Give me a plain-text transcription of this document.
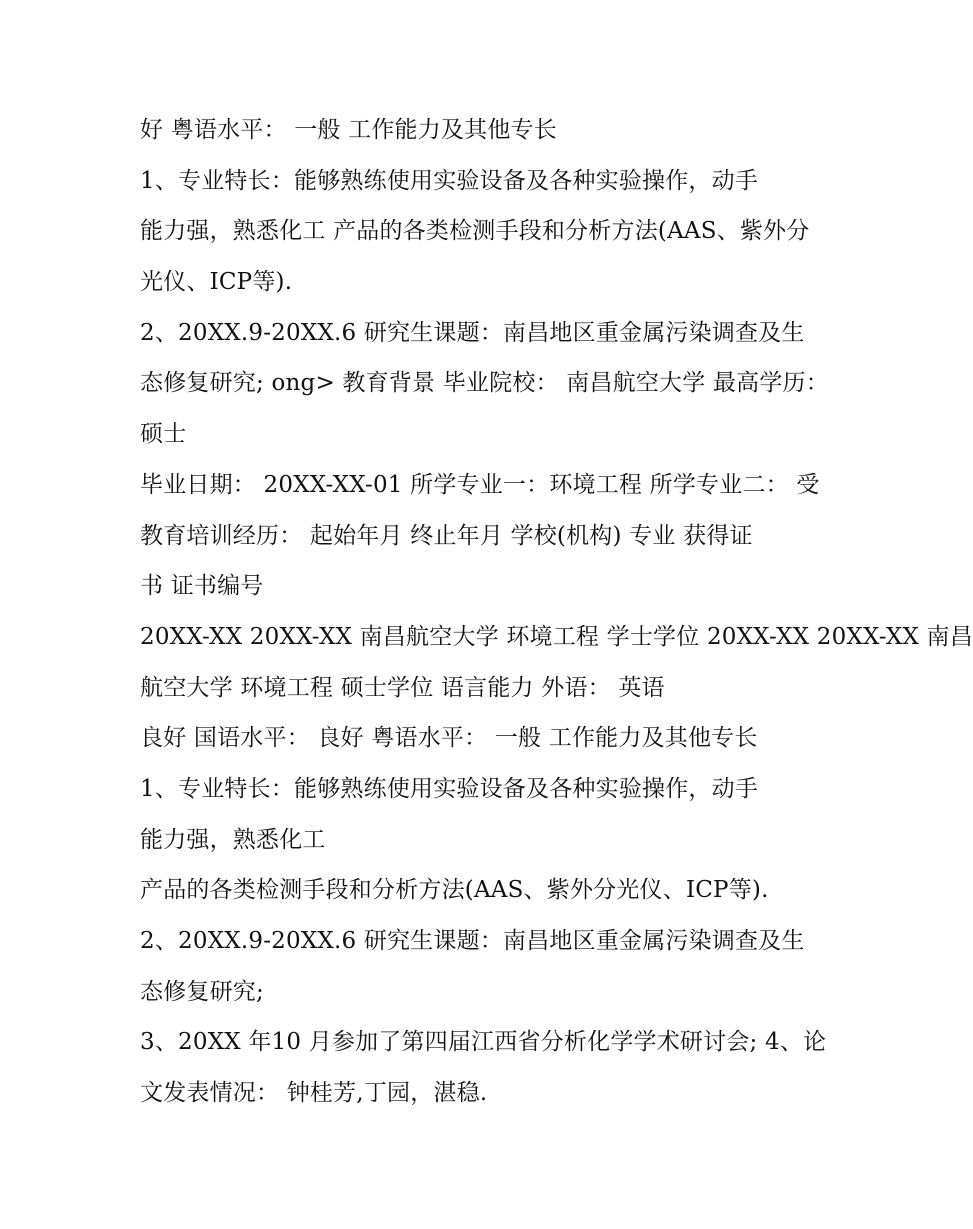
好 粤语水平： 一般 工作能力及其他专长
1、专业特长：能够熟练使用实验设备及各种实验操作，动手
能力强，熟悉化工 产品的各类检测手段和分析方法(AAS、紫外分
光仪、ICP等).
2、20XX.9-20XX.6 研究生课题：南昌地区重金属污染调查及生
态修复研究; ong> 教育背景 毕业院校： 南昌航空大学 最高学历：
硕士
毕业日期： 20XX-XX-01 所学专业一：环境工程 所学专业二： 受
教育培训经历： 起始年月 终止年月 学校(机构) 专业 获得证
书 证书编号
20XX-XX 20XX-XX 南昌航空大学 环境工程 学士学位 20XX-XX 20XX-XX 南昌
航空大学 环境工程 硕士学位 语言能力 外语： 英语
良好 国语水平： 良好 粤语水平： 一般 工作能力及其他专长
1、专业特长：能够熟练使用实验设备及各种实验操作，动手
能力强，熟悉化工
产品的各类检测手段和分析方法(AAS、紫外分光仪、ICP等).
2、20XX.9-20XX.6 研究生课题：南昌地区重金属污染调查及生
态修复研究;
3、20XX 年10 月参加了第四届江西省分析化学学术研讨会; 4、论
文发表情况： 钟桂芳,丁园，湛稳.
